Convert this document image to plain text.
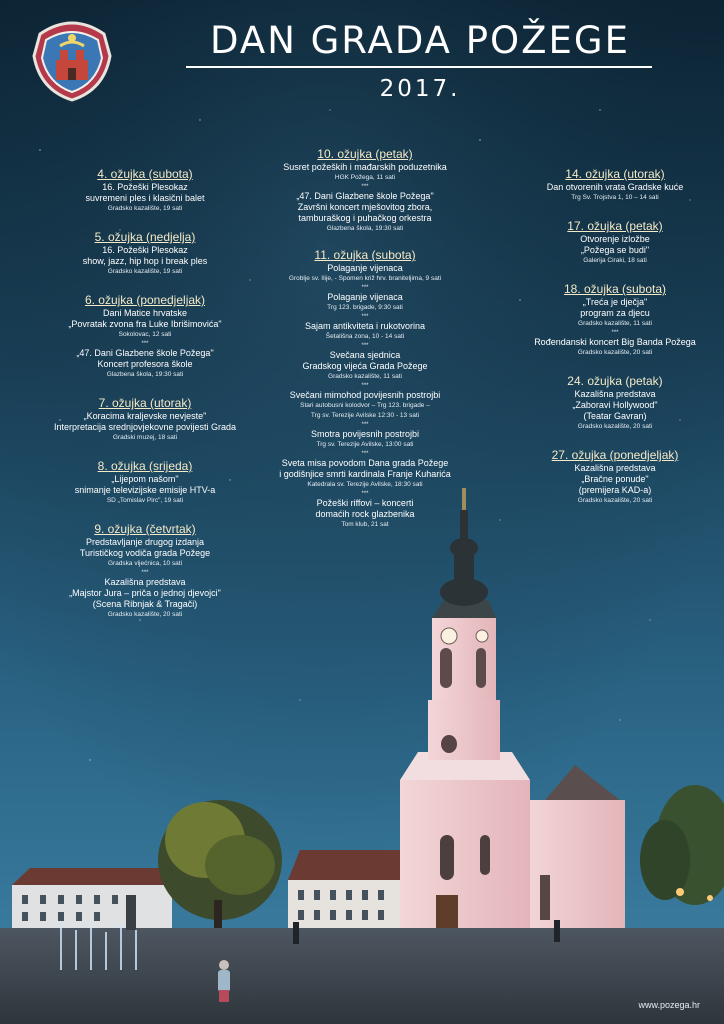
DAN GRADA POŽEGE
2017.
4. ožujka (subota)
16. Požeški Plesokaz
suvremeni ples i klasični balet
Gradsko kazalište, 19 sati
5. ožujka (nedjelja)
16. Požeški Plesokaz
show, jazz, hip hop i break ples
Gradsko kazalište, 19 sati
6. ožujka (ponedjeljak)
Dani Matice hrvatske
„Povratak zvona fra Luke Ibrišimovića"
Sokolovac, 12 sati
***
„47. Dani Glazbene škole Požega"
Koncert profesora škole
Glazbena škola, 19:30 sati
7. ožujka (utorak)
„Koracima kraljevske nevjeste"
Interpretacija srednjovjekovne povijesti Grada
Gradski muzej, 18 sati
8. ožujka (srijeda)
„Lijepom našom"
snimanje televizijske emisije HTV-a
SD „Tomislav Pirc", 19 sati
9. ožujka (četvrtak)
Predstavljanje drugog izdanja
Turističkog vodiča grada Požege
Gradska vijećnica, 10 sati
***
Kazališna predstava
„Majstor Jura – priča o jednoj djevojci"
(Scena Ribnjak & Tragači)
Gradsko kazalište, 20 sati
10. ožujka (petak)
Susret požeških i mađarskih poduzetnika
HGK Požega, 11 sati
***
„47. Dani Glazbene škole Požega"
Završni koncert mješovitog zbora,
tamburaškog i puhačkog orkestra
Glazbena škola, 19:30 sati
11. ožujka (subota)
Polaganje vijenaca
Groblje sv. Ilije, - Spomen križ hrv. braniteljima, 9 sati
***
Polaganje vijenaca
Trg 123. brigade, 9:30 sati
***
Sajam antikviteta i rukotvorina
Šetališna zona, 10 - 14 sati
***
Svečana sjednica
Gradskog vijeća Grada Požege
Gradsko kazalište, 11 sati
***
Svečani mimohod povijesnih postrojbi
Stari autobusni kolodvor – Trg 123. brigade –
Trg sv. Terezije Avilske 12:30 - 13 sati
***
Smotra povijesnih postrojbi
Trg sv. Terezije Avilske, 13:00 sati
***
Sveta misa povodom Dana grada Požege
i godišnjice smrti kardinala Franje Kuharića
Katedrala sv. Terezije Avilske, 18:30 sati
***
Požeški riffovi – koncerti
domaćih rock glazbenika
Tom klub, 21 sat
14. ožujka (utorak)
Dan otvorenih vrata Gradske kuće
Trg Sv. Trojstva 1, 10 – 14 sati
17. ožujka (petak)
Otvorenje izložbe
„Požega se budi"
Galerija Ciraki, 18 sati
18. ožujka (subota)
„Treća je dječja"
program za djecu
Gradsko kazalište, 11 sati
***
Rođendanski koncert Big Banda Požega
Gradsko kazalište, 20 sati
24. ožujka (petak)
Kazališna predstava
„Zaboravi Hollywood"
(Teatar Gavran)
Gradsko kazalište, 20 sati
27. ožujka (ponedjeljak)
Kazališna predstava
„Bračne ponude"
(premijera KAD-a)
Gradsko kazalište, 20 sati
www.pozega.hr
